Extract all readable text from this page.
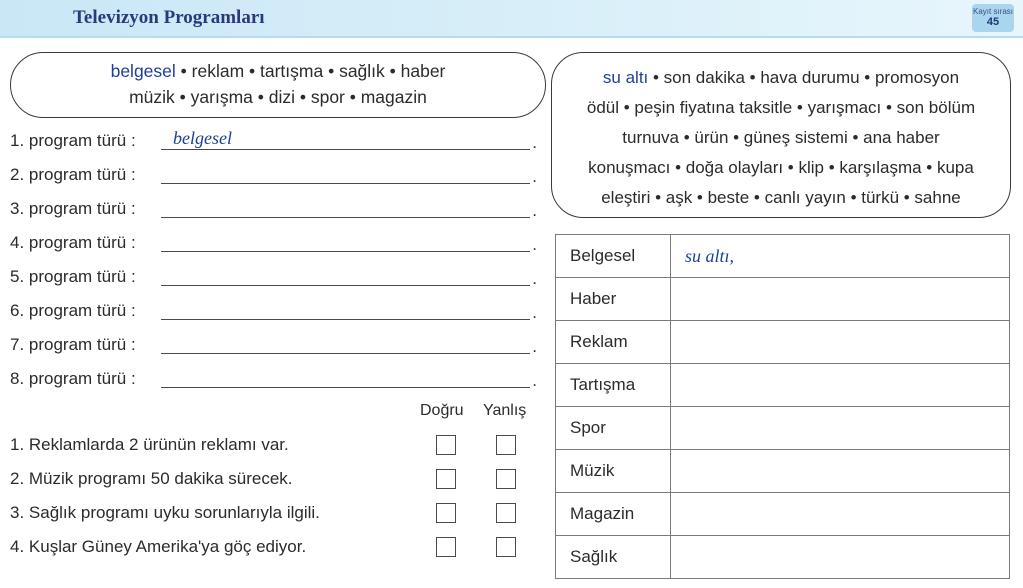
Televizyon Programları	Kayıt sırası
45
belgesel • reklam • tartışma • sağlık • haber
müzik • yarışma • dizi • spor • magazin
su altı • son dakika • hava durumu • promosyon
ödül • peşin fiyatına taksitle • yarışmacı • son bölüm
turnuva • ürün • güneş sistemi • ana haber
konuşmacı • doğa olayları • klip • karşılaşma • kupa
eleştiri • aşk • beste • canlı yayın • türkü • sahne
1. program türü : belgesel	.
2. program türü :	.
3. program türü :	.
4. program türü :	.
5. program türü :	.
6. program türü :	.
7. program türü :	.
8. program türü :	.
Doğru Yanlış
1. Reklamlarda 2 ürünün reklamı var.
2. Müzik programı 50 dakika sürecek.
3. Sağlık programı uyku sorunlarıyla ilgili.
4. Kuşlar Güney Amerika'ya göç ediyor.
Belgesel	su altı,
Haber	
Reklam	
Tartışma	
Spor	
Müzik	
Magazin	
Sağlık	
